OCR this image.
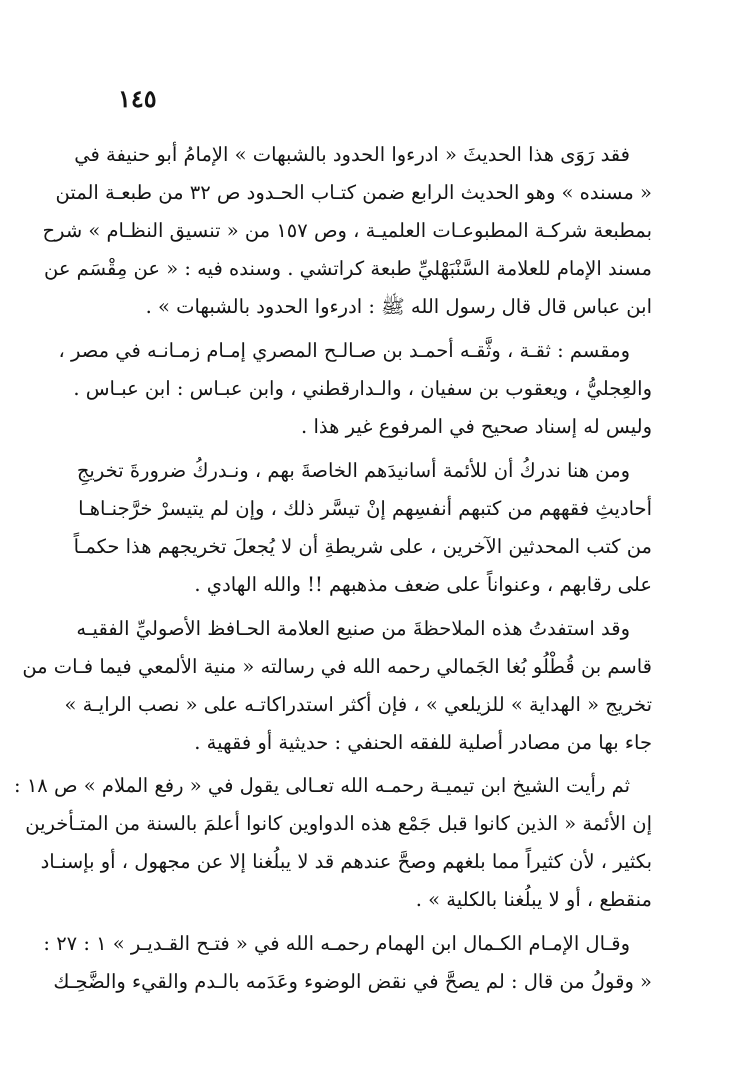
١٤٥
فقد رَوَى هذا الحديثَ « ادرءوا الحدود بالشبهات » الإمامُ أبو حنيفة في
« مسنده » وهو الحديث الرابع ضمن كتـاب الحـدود ص ٣٢ من طبعـة المتن
بمطبعة شركـة المطبوعـات العلميـة ، وص ١٥٧ من « تنسيق النظـام » شرح
مسند الإمام للعلامة السَّنْبَهْليِّ طبعة كراتشي . وسنده فيه : « عن مِقْسَم عن
ابن عباس قال قال رسول الله ﷺ : ادرءوا الحدود بالشبهات » .
ومقسم : ثقـة ، وثَّقـه أحمـد بن صـالـح المصري إمـام زمـانـه في مصر ،
والعِجليُّ ، ويعقوب بن سفيان ، والـدارقطني ، وابن عبـاس : ابن عبـاس .
وليس له إسناد صحيح في المرفوع غير هذا .
ومن هنا ندركُ أن للأئمة أسانيدَهم الخاصةَ بهم ، ونـدركُ ضرورةَ تخريجِ
أحاديثِ فقههم من كتبهم أنفسِهم إنْ تيسَّر ذلك ، وإن لم يتيسرْ خرَّجنـاهـا
من كتب المحدثين الآخرين ، على شريطةِ أن لا يُجعلَ تخريجهم هذا حكمـاً
على رقابهم ، وعنواناً على ضعف مذهبهم !! والله الهادي .
وقد استفدتُ هذه الملاحظةَ من صنيع العلامة الحـافظ الأصوليِّ الفقيـه
قاسم بن قُطْلُو بُغا الجَمالي رحمه الله في رسالته « منية الألمعي فيما فـات من
تخريج « الهداية » للزيلعي » ، فإن أكثر استدراكاتـه على « نصب الرايـة »
جاء بها من مصادر أصلية للفقه الحنفي : حديثية أو فقهية .
ثم رأيت الشيخ ابن تيميـة رحمـه الله تعـالى يقول في « رفع الملام » ص ١٨ :
إن الأئمة « الذين كانوا قبل جَمْع هذه الدواوين كانوا أعلمَ بالسنة من المتـأخرين
بكثير ، لأن كثيراً مما بلغهم وصحَّ عندهم قد لا يبلُغنا إلا عن مجهول ، أو بإسنـاد
منقطع ، أو لا يبلُغنا بالكلية » .
وقـال الإمـام الكـمال ابن الهمام رحمـه الله في « فتـح القـديـر » ١ : ٢٧ :
« وقولُ من قال : لم يصحَّ في نقض الوضوء وعَدَمه بالـدم والقيء والضَّحِـك
